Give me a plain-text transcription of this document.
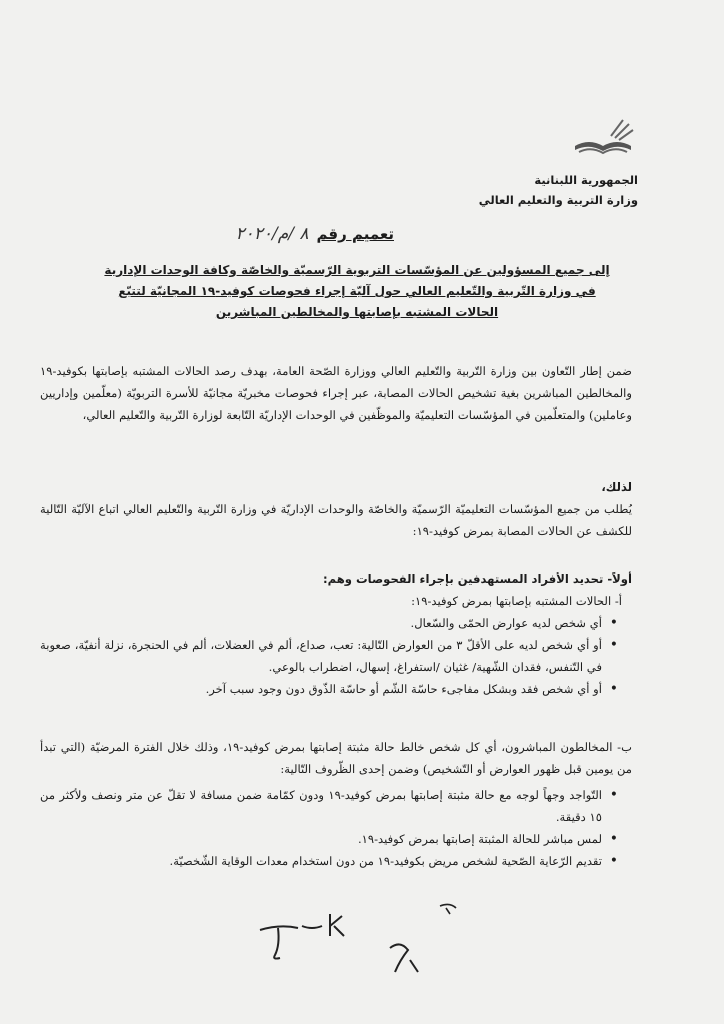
الجمهورية اللبنانية
وزارة التربية والتعليم العالي
تعميم رقم
٨ /م/٢٠٢٠
إلى جميع المسؤولين عن المؤسّسات التربوية الرّسميّة والخاصّة وكافة الوحدات الإدارية
في وزارة التّربية والتّعليم العالي حول آليّة إجراء فحوصات كوفيد-١٩ المجانيّة لتتبّع
الحالات المشتبه بإصابتها والمخالطين المباشرين

ضمن إطار التّعاون بين وزارة التّربية والتّعليم العالي ووزارة الصّحة العامة، بهدف رصد الحالات المشتبه بإصابتها بكوفيد-١٩ والمخالطين المباشرين بغية تشخيص الحالات المصابة، عبر إجراء فحوصات مخبريّة مجانيّة للأسرة التربويّة (معلّمين وإداريين وعاملين) والمتعلّمين في المؤسّسات التعليميّة والموظّفين في الوحدات الإداريّة التّابعة لوزارة التّربية والتّعليم العالي،

لذلك،

يُطلب من جميع المؤسّسات التعليميّة الرّسميّة والخاصّة والوحدات الإداريّة في وزارة التّربية والتّعليم العالي اتباع الآليّة التّالية للكشف عن الحالات المصابة بمرض كوفيد-١٩:

أولاً- تحديد الأفراد المستهدفين بإجراء الفحوصات وهم:

أ- الحالات المشتبه بإصابتها بمرض كوفيد-١٩:

• أي شخص لديه عوارض الحمّى والسّعال.
• أو أي شخص لديه على الأقلّ ٣ من العوارض التّالية: تعب، صداع، ألم في العضلات، ألم في الحنجرة، نزلة أنفيّة، صعوبة في التّنفس، فقدان الشّهية/ غثيان /استفراغ، إسهال، اضطراب بالوعي.
• أو أي شخص فقد وبشكل مفاجىء حاسّة الشّم أو حاسّة الذّوق دون وجود سبب آخر.

ب- المخالطون المباشرون، أي كل شخص خالط حالة مثبتة إصابتها بمرض كوفيد-١٩، وذلك خلال الفترة المرضيّة (التي تبدأ من يومين قبل ظهور العوارض أو التّشخيص) وضمن إحدى الظّروف التّالية:

• التّواجد وجهاً لوجه مع حالة مثبتة إصابتها بمرض كوفيد-١٩ ودون كمّامة ضمن مسافة لا تقلّ عن متر ونصف ولأكثر من ١٥ دقيقة.
• لمس مباشر للحالة المثبتة إصابتها بمرض كوفيد-١٩.
• تقديم الرّعاية الصّحية لشخص مريض بكوفيد-١٩ من دون استخدام معدات الوقاية الشّخصيّة.
